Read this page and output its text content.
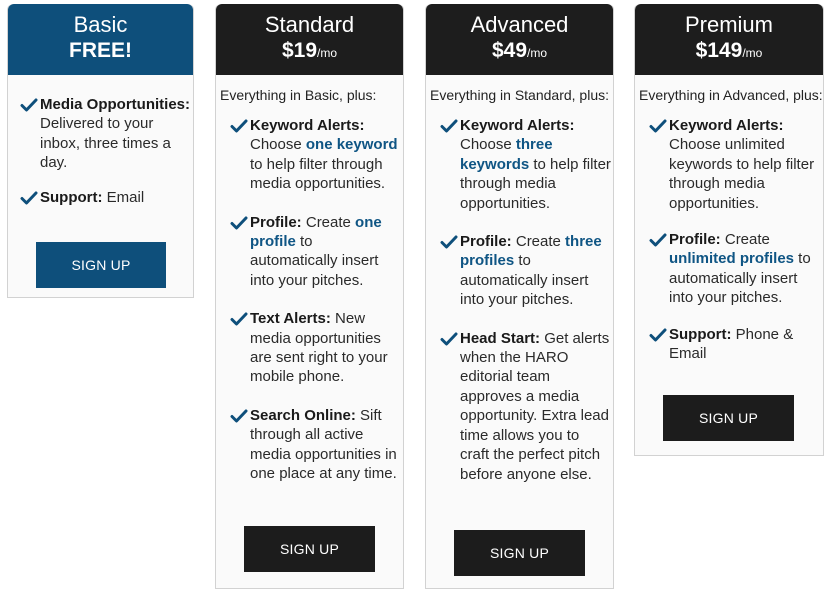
Basic
FREE!
Media Opportunities: Delivered to your inbox, three times a day.
Support: Email
SIGN UP
Standard
$19/mo
Everything in Basic, plus:
Keyword Alerts: Choose one keyword to help filter through media opportunities.
Profile: Create one profile to automatically insert into your pitches.
Text Alerts: New media opportunities are sent right to your mobile phone.
Search Online: Sift through all active media opportunities in one place at any time.
SIGN UP
Advanced
$49/mo
Everything in Standard, plus:
Keyword Alerts: Choose three keywords to help filter through media opportunities.
Profile: Create three profiles to automatically insert into your pitches.
Head Start: Get alerts when the HARO editorial team approves a media opportunity. Extra lead time allows you to craft the perfect pitch before anyone else.
SIGN UP
Premium
$149/mo
Everything in Advanced, plus:
Keyword Alerts: Choose unlimited keywords to help filter through media opportunities.
Profile: Create unlimited profiles to automatically insert into your pitches.
Support: Phone & Email
SIGN UP
